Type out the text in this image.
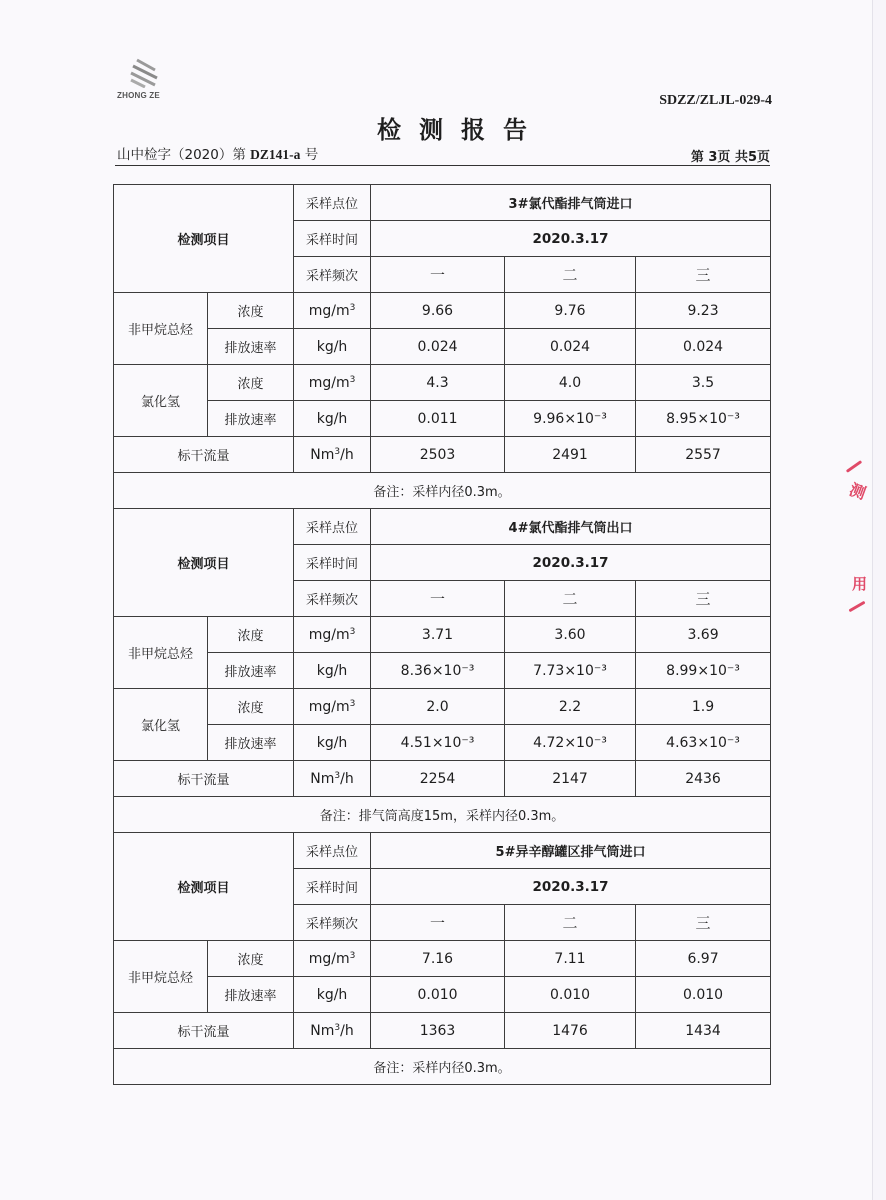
ZHONG ZE	SDZZ/ZLJL-029-4
检测报告
山中检字（2020）第 DZ141-a 号	第 3页 共5页
检测项目		采样点位	3#氯代酯排气筒进口		
		采样时间	2020.3.17		
		采样频次	一	二	三
非甲烷总烃	浓度	$mg/m^3$	9.66	9.76	9.23
	排放速率	kg/h	0.024	0.024	0.024
氯化氢	浓度	$mg/m^3$	4.3	4.0	3.5
	排放速率	kg/h	0.011	9.96×10⁻³	8.95×10⁻³
标干流量		Nm$^3$/h	2503	2491	2557
备注：采样内径0.3m。					
检测项目		采样点位	4#氯代酯排气筒出口		
		采样时间	2020.3.17		
		采样频次	一	二	三
非甲烷总烃	浓度	$mg/m^3$	3.71	3.60	3.69
	排放速率	kg/h	8.36×10⁻³	7.73×10⁻³	8.99×10⁻³
氯化氢	浓度	$mg/m^3$	2.0	2.2	1.9
	排放速率	kg/h	4.51×10⁻³	4.72×10⁻³	4.63×10⁻³
标干流量		Nm$^3$/h	2254	2147	2436
备注：排气筒高度15m，采样内径0.3m。					
检测项目		采样点位	5#异辛醇罐区排气筒进口		
		采样时间	2020.3.17		
		采样频次	一	二	三
非甲烷总烃	浓度	$mg/m^3$	7.16	7.11	6.97
	排放速率	kg/h	0.010	0.010	0.010
标干流量		Nm$^3$/h	1363	1476	1434
备注：采样内径0.3m。					
测
用
